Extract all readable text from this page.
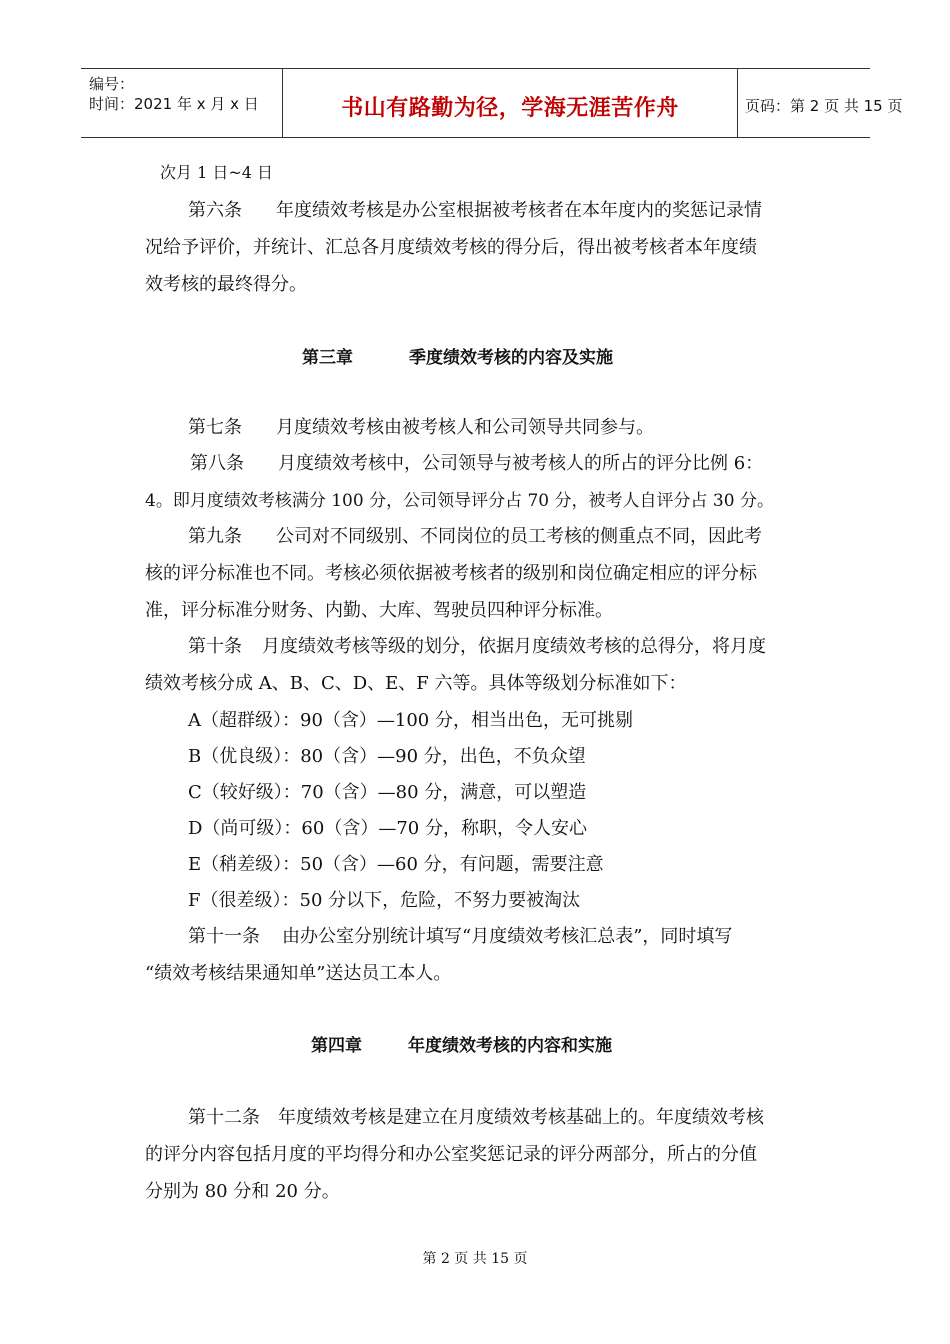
编号：
时间：2021 年 x 月 x 日	书山有路勤为径，学海无涯苦作舟	页码：第 2 页 共 15 页
次月 1 日~4 日
第六条 年度绩效考核是办公室根据被考核者在本年度内的奖惩记录情
况给予评价，并统计、汇总各月度绩效考核的得分后，得出被考核者本年度绩
效考核的最终得分。
第三章	季度绩效考核的内容及实施
第七条 月度绩效考核由被考核人和公司领导共同参与。
第八条 月度绩效考核中，公司领导与被考核人的所占的评分比例 6：
4。即月度绩效考核满分 100 分，公司领导评分占 70 分，被考人自评分占 30 分。
第九条 公司对不同级别、不同岗位的员工考核的侧重点不同，因此考
核的评分标准也不同。考核必须依据被考核者的级别和岗位确定相应的评分标
准，评分标准分财务、内勤、大库、驾驶员四种评分标准。
第十条 月度绩效考核等级的划分，依据月度绩效考核的总得分，将月度
绩效考核分成 A、B、C、D、E、F 六等。具体等级划分标准如下：
A（超群级）：90（含）—100 分，相当出色，无可挑剔
B（优良级）：80（含）—90 分，出色，不负众望
C（较好级）：70（含）—80 分，满意，可以塑造
D（尚可级）：60（含）—70 分，称职，令人安心
E（稍差级）：50（含）—60 分，有问题，需要注意
F（很差级）：50 分以下，危险，不努力要被淘汰
第十一条 由办公室分别统计填写“月度绩效考核汇总表”，同时填写
“绩效考核结果通知单”送达员工本人。
第四章	年度绩效考核的内容和实施
第十二条 年度绩效考核是建立在月度绩效考核基础上的。年度绩效考核
的评分内容包括月度的平均得分和办公室奖惩记录的评分两部分，所占的分值
分别为 80 分和 20 分。
第 2 页 共 15 页
